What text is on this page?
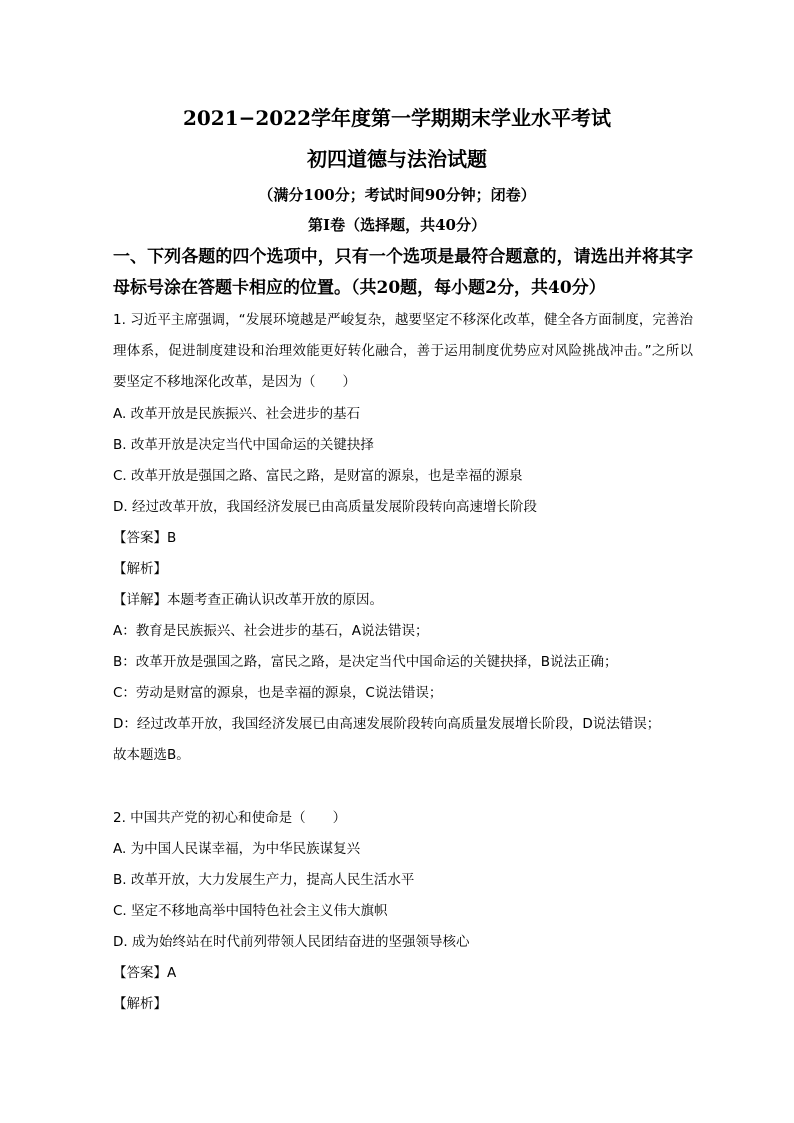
2021−2022学年度第一学期期末学业水平考试
初四道德与法治试题
（满分100分；考试时间90分钟；闭卷）
第Ⅰ卷（选择题，共40分）
一、下列各题的四个选项中，只有一个选项是最符合题意的，请选出并将其字母标号涂在答题卡相应的位置。（共20题，每小题2分，共40分）
1. 习近平主席强调，“发展环境越是严峻复杂，越要坚定不移深化改革，健全各方面制度，完善治理体系，促进制度建设和治理效能更好转化融合，善于运用制度优势应对风险挑战冲击。”之所以要坚定不移地深化改革，是因为（　　）
A. 改革开放是民族振兴、社会进步的基石
B. 改革开放是决定当代中国命运的关键抉择
C. 改革开放是强国之路、富民之路，是财富的源泉，也是幸福的源泉
D. 经过改革开放，我国经济发展已由高质量发展阶段转向高速增长阶段
【答案】B
【解析】
【详解】本题考查正确认识改革开放的原因。
A：教育是民族振兴、社会进步的基石，A说法错误；
B：改革开放是强国之路，富民之路，是决定当代中国命运的关键抉择，B说法正确；
C：劳动是财富的源泉，也是幸福的源泉，C说法错误；
D：经过改革开放，我国经济发展已由高速发展阶段转向高质量发展增长阶段，D说法错误；
故本题选B。
2. 中国共产党的初心和使命是（　　）
A. 为中国人民谋幸福，为中华民族谋复兴
B. 改革开放，大力发展生产力，提高人民生活水平
C. 坚定不移地高举中国特色社会主义伟大旗帜
D. 成为始终站在时代前列带领人民团结奋进的坚强领导核心
【答案】A
【解析】
